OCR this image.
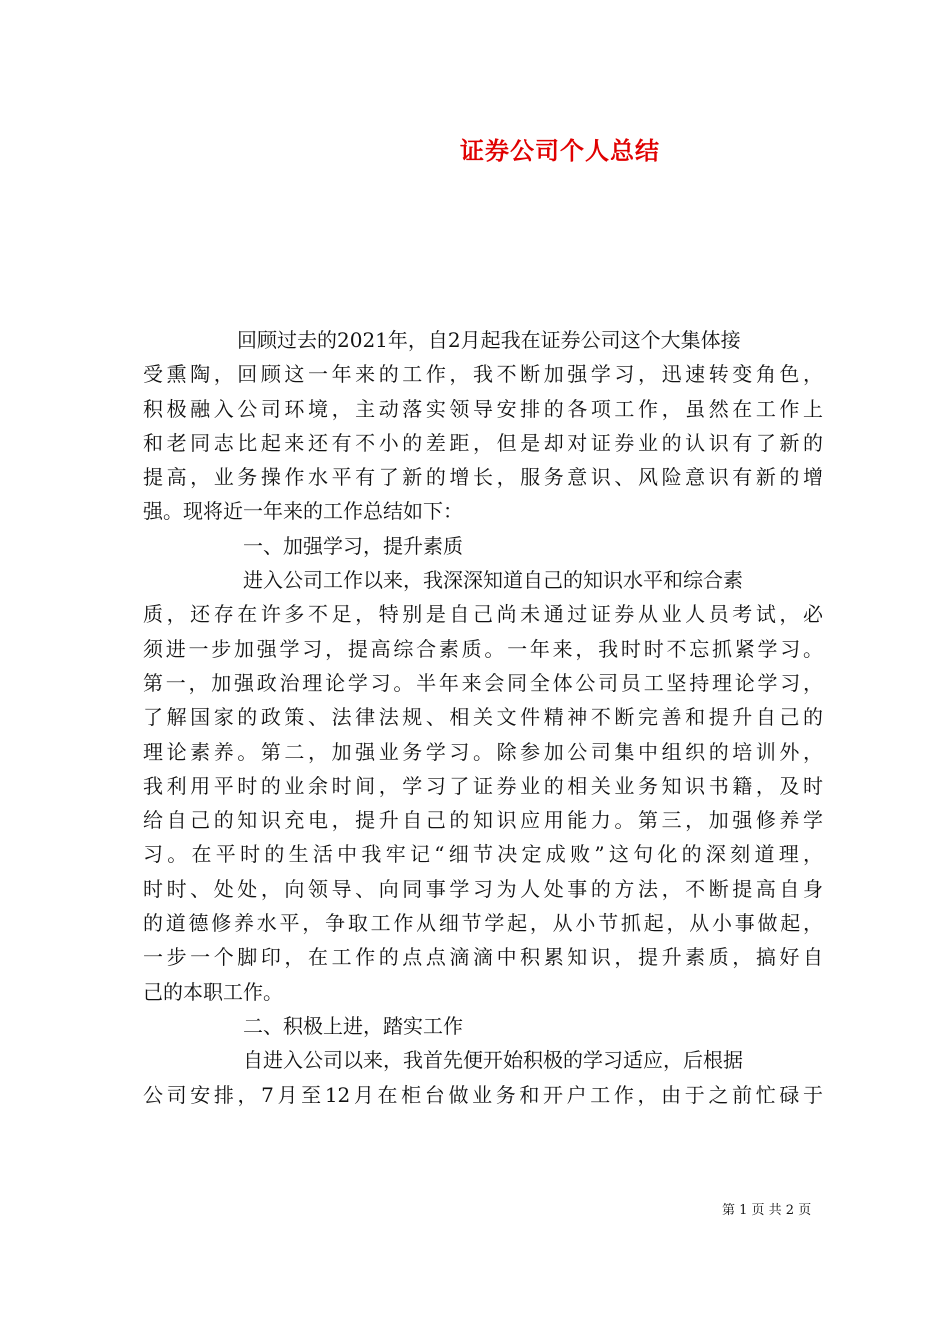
证券公司个人总结
回顾过去的2021年，自2月起我在证券公司这个大集体接
受熏陶，回顾这一年来的工作，我不断加强学习，迅速转变角色，
积极融入公司环境，主动落实领导安排的各项工作，虽然在工作上
和老同志比起来还有不小的差距，但是却对证券业的认识有了新的
提高，业务操作水平有了新的增长，服务意识、风险意识有新的增
强。现将近一年来的工作总结如下：
一、加强学习，提升素质
进入公司工作以来，我深深知道自己的知识水平和综合素
质，还存在许多不足，特别是自己尚未通过证券从业人员考试，必
须进一步加强学习，提高综合素质。一年来，我时时不忘抓紧学习。
第一，加强政治理论学习。半年来会同全体公司员工坚持理论学习，
了解国家的政策、法律法规、相关文件精神不断完善和提升自己的
理论素养。第二，加强业务学习。除参加公司集中组织的培训外，
我利用平时的业余时间，学习了证券业的相关业务知识书籍，及时
给自己的知识充电，提升自己的知识应用能力。第三，加强修养学
习。在平时的生活中我牢记“细节决定成败”这句化的深刻道理，
时时、处处，向领导、向同事学习为人处事的方法，不断提高自身
的道德修养水平，争取工作从细节学起，从小节抓起，从小事做起，
一步一个脚印，在工作的点点滴滴中积累知识，提升素质，搞好自
己的本职工作。
二、积极上进，踏实工作
自进入公司以来，我首先便开始积极的学习适应，后根据
公司安排，7月至12月在柜台做业务和开户工作，由于之前忙碌于
第 1 页 共 2 页
